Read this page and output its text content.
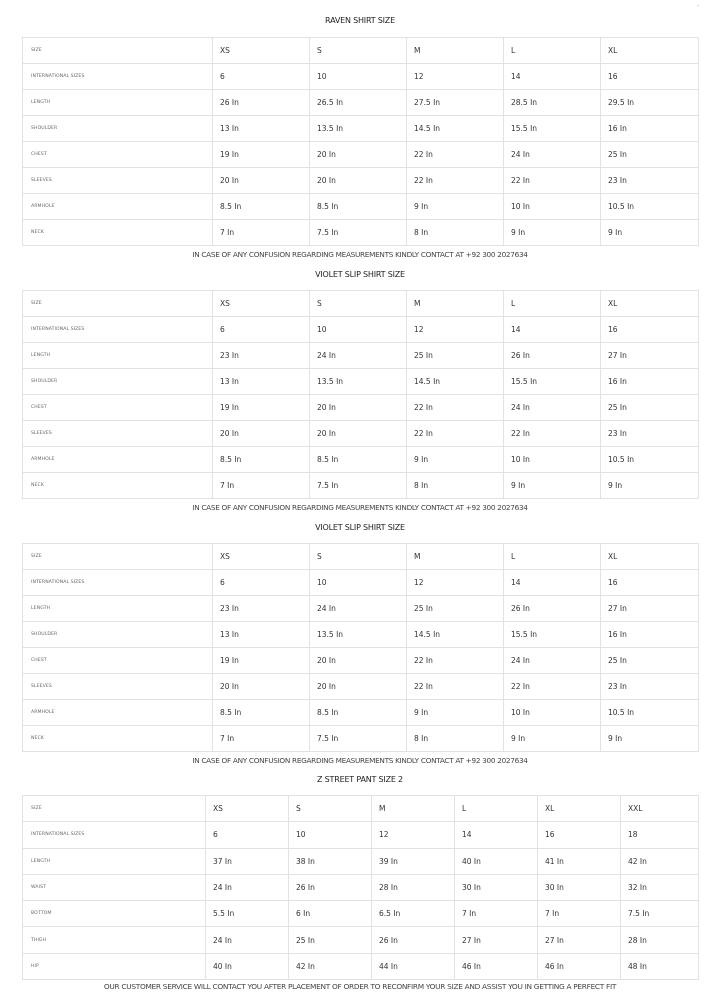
-
RAVEN SHIRT SIZE
SIZE	XS	S	M	L	XL
INTERNATIONAL SIZES	6	10	12	14	16
LENGTH	26 In	26.5 In	27.5 In	28.5 In	29.5 In
SHOULDER	13 In	13.5 In	14.5 In	15.5 In	16 In
CHEST	19 In	20 In	22 In	24 In	25 In
SLEEVES	20 In	20 In	22 In	22 In	23 In
ARMHOLE	8.5 In	8.5 In	9 In	10 In	10.5 In
NECK	7 In	7.5 In	8 In	9 In	9 In
IN CASE OF ANY CONFUSION REGARDING MEASUREMENTS KINDLY CONTACT AT +92 300 2027634
VIOLET SLIP SHIRT SIZE
SIZE	XS	S	M	L	XL
INTERNATIONAL SIZES	6	10	12	14	16
LENGTH	23 In	24 In	25 In	26 In	27 In
SHOULDER	13 In	13.5 In	14.5 In	15.5 In	16 In
CHEST	19 In	20 In	22 In	24 In	25 In
SLEEVES	20 In	20 In	22 In	22 In	23 In
ARMHOLE	8.5 In	8.5 In	9 In	10 In	10.5 In
NECK	7 In	7.5 In	8 In	9 In	9 In
IN CASE OF ANY CONFUSION REGARDING MEASUREMENTS KINDLY CONTACT AT +92 300 2027634
VIOLET SLIP SHIRT SIZE
SIZE	XS	S	M	L	XL
INTERNATIONAL SIZES	6	10	12	14	16
LENGTH	23 In	24 In	25 In	26 In	27 In
SHOULDER	13 In	13.5 In	14.5 In	15.5 In	16 In
CHEST	19 In	20 In	22 In	24 In	25 In
SLEEVES	20 In	20 In	22 In	22 In	23 In
ARMHOLE	8.5 In	8.5 In	9 In	10 In	10.5 In
NECK	7 In	7.5 In	8 In	9 In	9 In
IN CASE OF ANY CONFUSION REGARDING MEASUREMENTS KINDLY CONTACT AT +92 300 2027634
Z STREET PANT SIZE 2
SIZE	XS	S	M	L	XL	XXL
INTERNATIONAL SIZES	6	10	12	14	16	18
LENGTH	37 In	38 In	39 In	40 In	41 In	42 In
WAIST	24 In	26 In	28 In	30 In	30 In	32 In
BOTTOM	5.5 In	6 In	6.5 In	7 In	7 In	7.5 In
THIGH	24 In	25 In	26 In	27 In	27 In	28 In
HIP	40 In	42 In	44 In	46 In	46 In	48 In
OUR CUSTOMER SERVICE WILL CONTACT YOU AFTER PLACEMENT OF ORDER TO RECONFIRM YOUR SIZE AND ASSIST YOU IN GETTING A PERFECT FIT
